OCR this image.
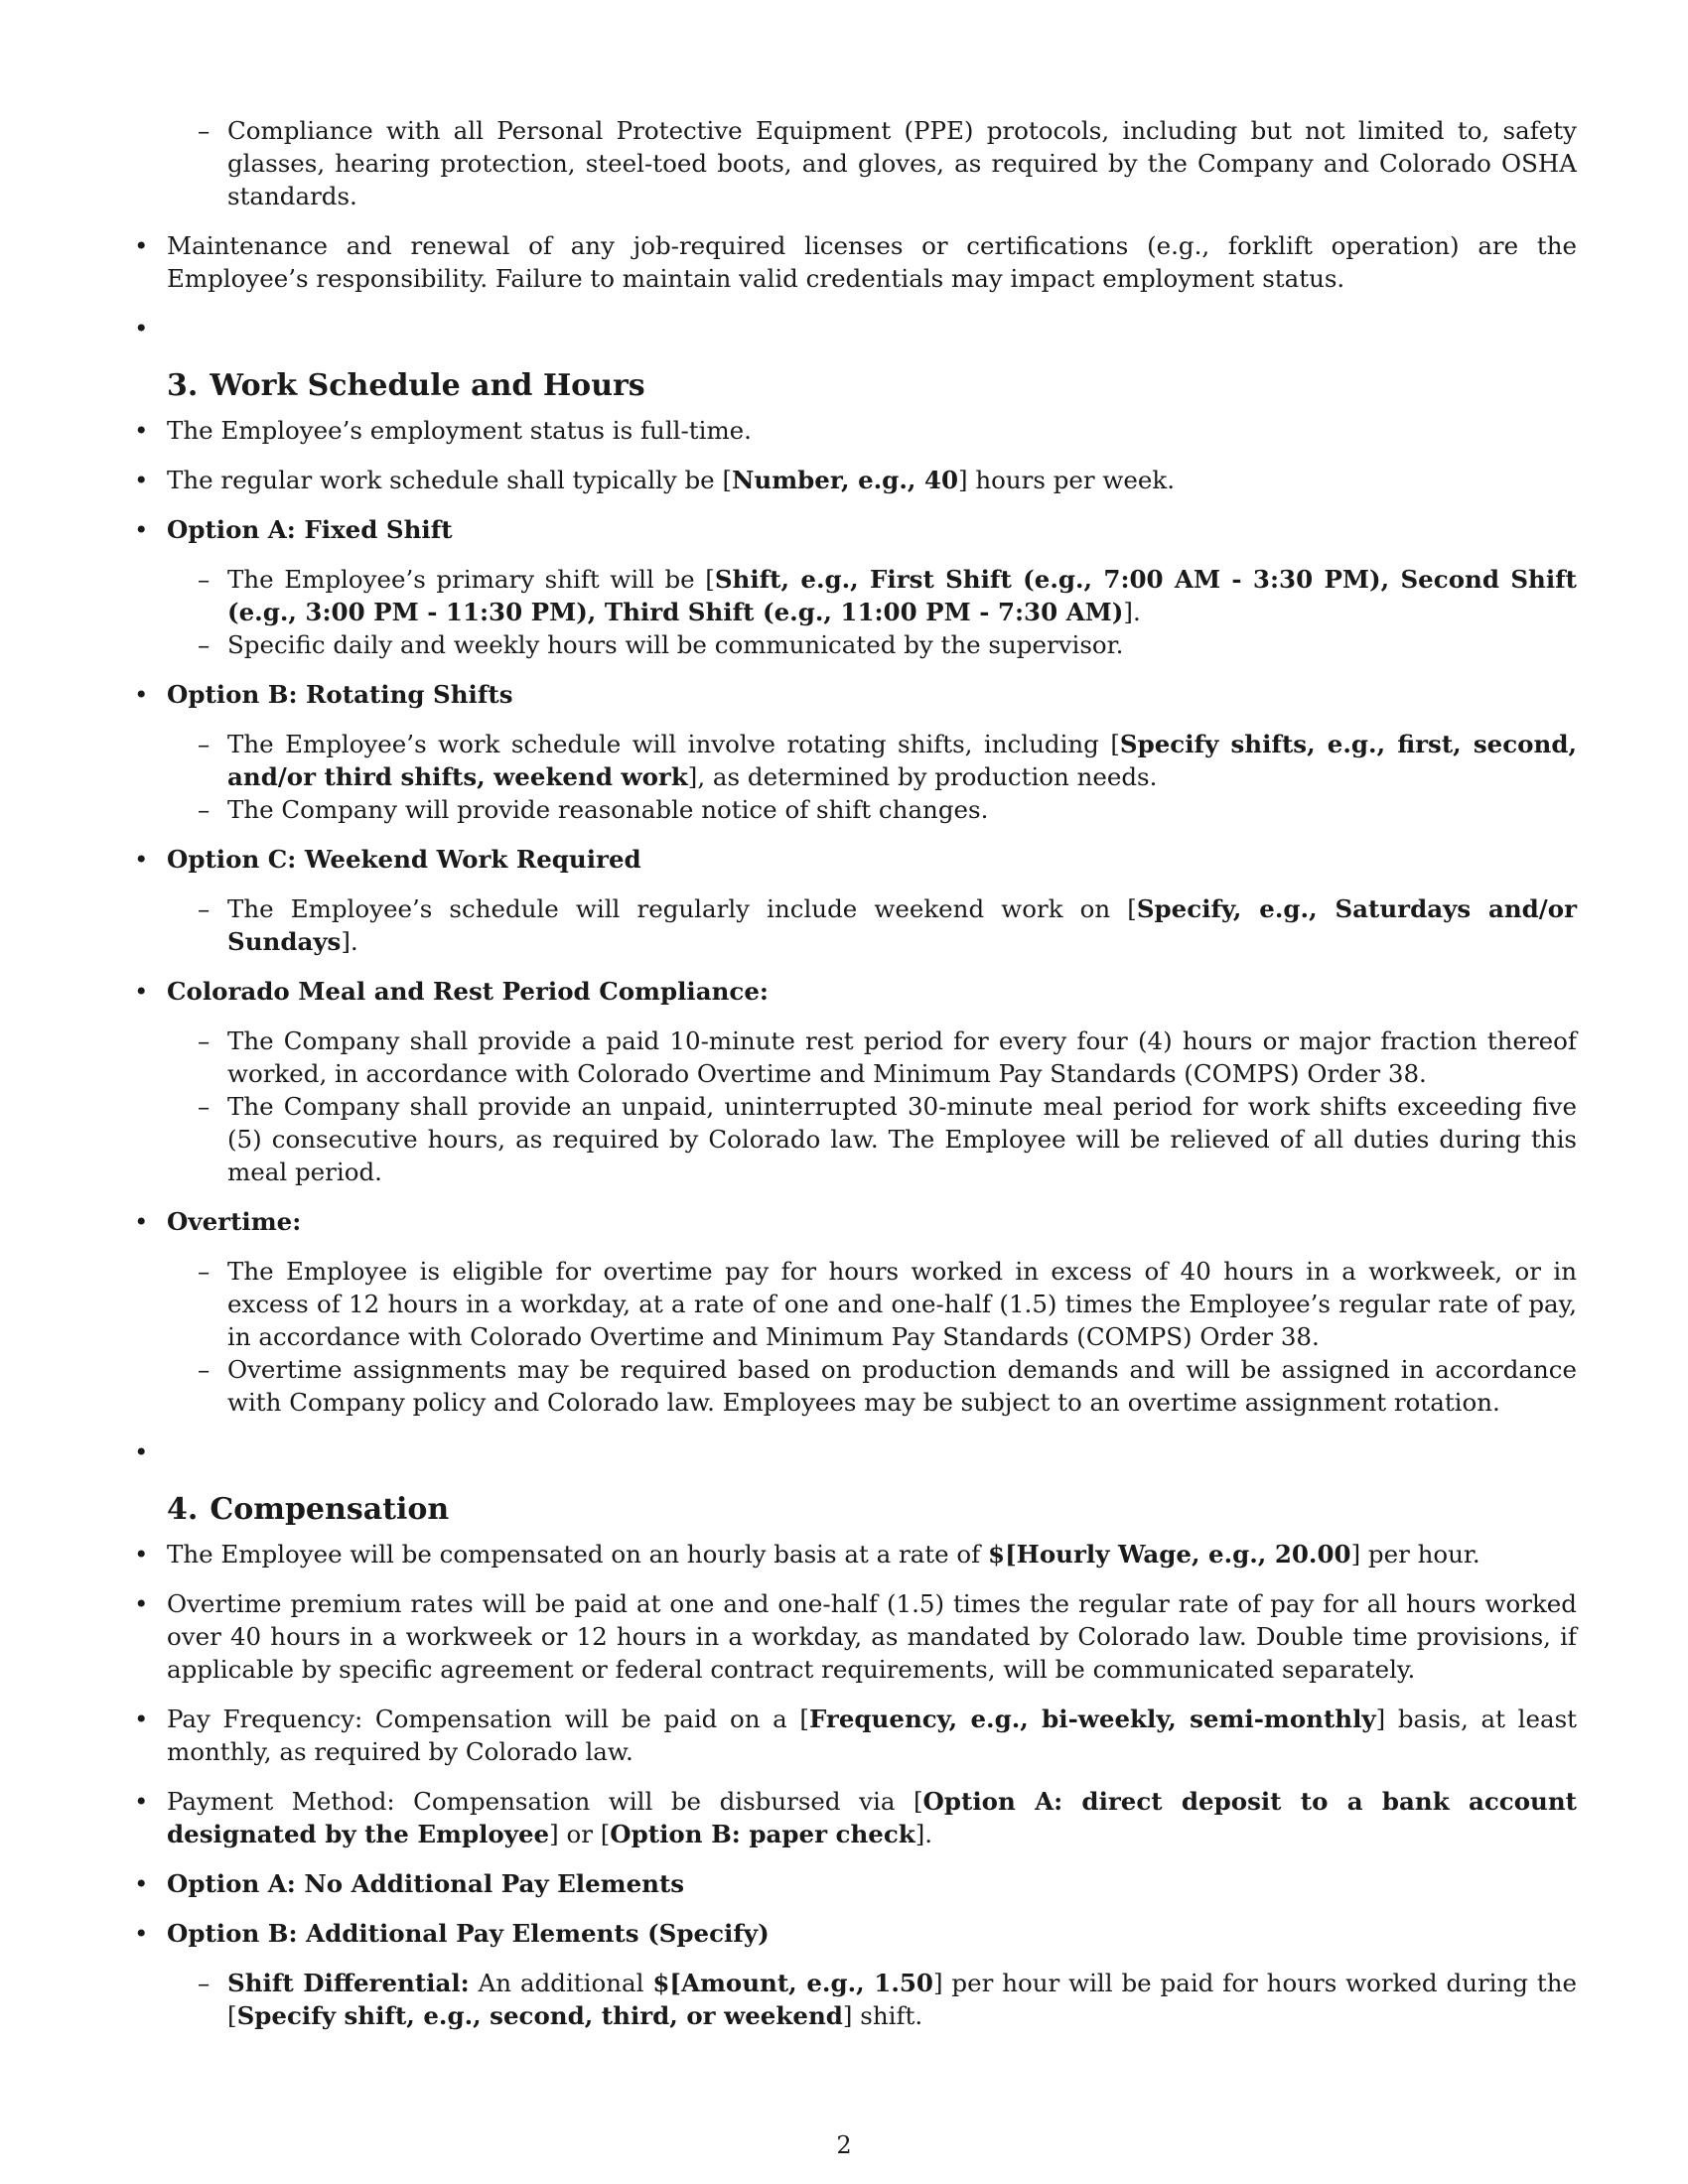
– Compliance with all Personal Protective Equipment (PPE) protocols, including but not limited to, safety glasses, hearing protection, steel-toed boots, and gloves, as required by the Company and Colorado OSHA standards.
• Maintenance and renewal of any job-required licenses or certifications (e.g., forklift operation) are the Employee’s responsibility. Failure to maintain valid credentials may impact employment status.
•
3. Work Schedule and Hours
• The Employee’s employment status is full-time.
• The regular work schedule shall typically be [Number, e.g., 40] hours per week.
• Option A: Fixed Shift
– The Employee’s primary shift will be [Shift, e.g., First Shift (e.g., 7:00 AM - 3:30 PM), Second Shift (e.g., 3:00 PM - 11:30 PM), Third Shift (e.g., 11:00 PM - 7:30 AM)].
– Specific daily and weekly hours will be communicated by the supervisor.
• Option B: Rotating Shifts
– The Employee’s work schedule will involve rotating shifts, including [Specify shifts, e.g., first, second, and/or third shifts, weekend work], as determined by production needs.
– The Company will provide reasonable notice of shift changes.
• Option C: Weekend Work Required
– The Employee’s schedule will regularly include weekend work on [Specify, e.g., Saturdays and/or Sundays].
• Colorado Meal and Rest Period Compliance:
– The Company shall provide a paid 10-minute rest period for every four (4) hours or major fraction thereof worked, in accordance with Colorado Overtime and Minimum Pay Standards (COMPS) Order 38.
– The Company shall provide an unpaid, uninterrupted 30-minute meal period for work shifts exceeding five (5) consecutive hours, as required by Colorado law. The Employee will be relieved of all duties during this meal period.
• Overtime:
– The Employee is eligible for overtime pay for hours worked in excess of 40 hours in a workweek, or in excess of 12 hours in a workday, at a rate of one and one-half (1.5) times the Employee’s regular rate of pay, in accordance with Colorado Overtime and Minimum Pay Standards (COMPS) Order 38.
– Overtime assignments may be required based on production demands and will be assigned in accordance with Company policy and Colorado law. Employees may be subject to an overtime assignment rotation.
•
4. Compensation
• The Employee will be compensated on an hourly basis at a rate of $[Hourly Wage, e.g., 20.00] per hour.
• Overtime premium rates will be paid at one and one-half (1.5) times the regular rate of pay for all hours worked over 40 hours in a workweek or 12 hours in a workday, as mandated by Colorado law. Double time provisions, if applicable by specific agreement or federal contract requirements, will be communicated separately.
• Pay Frequency: Compensation will be paid on a [Frequency, e.g., bi-weekly, semi-monthly] basis, at least monthly, as required by Colorado law.
• Payment Method: Compensation will be disbursed via [Option A: direct deposit to a bank account designated by the Employee] or [Option B: paper check].
• Option A: No Additional Pay Elements
• Option B: Additional Pay Elements (Specify)
– Shift Differential: An additional $[Amount, e.g., 1.50] per hour will be paid for hours worked during the [Specify shift, e.g., second, third, or weekend] shift.
2
